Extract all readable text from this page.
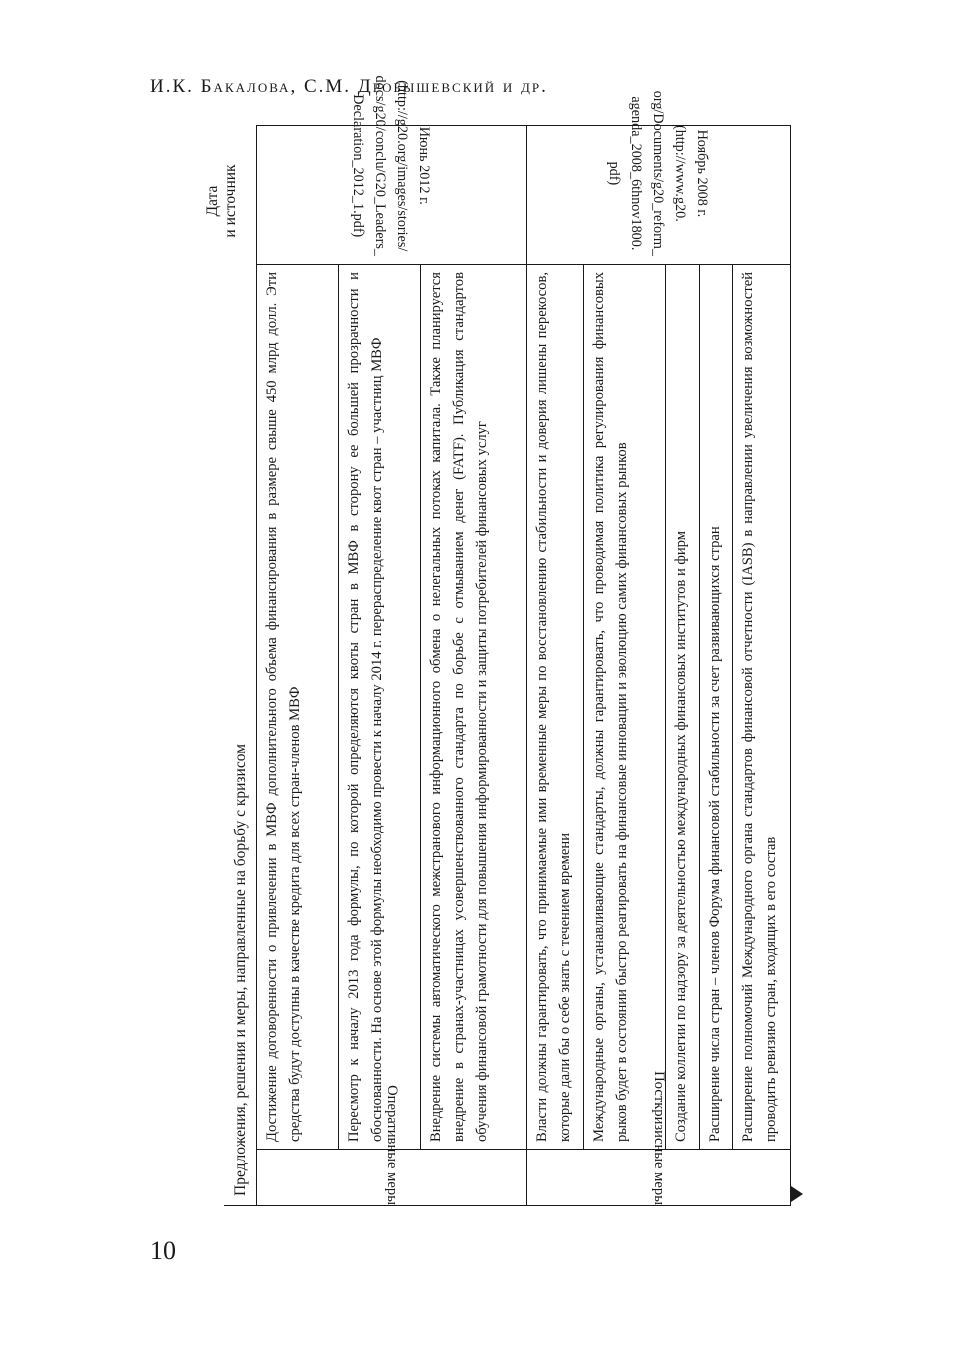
И.К. Бакалова, С.М. Дробышевский и др.
Предложения, решения и меры, направленные на борьбу с кризисом
Дата и источник
Оперативные меры	Достижение договоренности о привлечении в МВФ дополнительного объема финансирования в размере свыше 450 млрд долл. Эти средства будут доступны в качестве кредита для всех стран-членов МВФ	Июнь 2012 г.
(http://g20.org/images/stories/
docs/g20/conclu/G20_Leaders_
Declaration_2012_1.pdf)

	Пересмотр к началу 2013 года формулы, по которой определяются квоты стран в МВФ в сторону ее большей прозрачности и обоснованности. На основе этой формулы необходимо провести к началу 2014 г. перераспределение квот стран – участниц МВФ	
	Внедрение системы автоматического межстранового информационного обмена о нелегальных потоках капитала. Также планируется внедрение в странах-участницах усовершенствованного стандарта по борьбе с отмыванием денег (FATF). Публикация стандартов обучения финансовой грамотности для повышения информированности и защиты потребителей финансовых услуг	
Посткризисные меры	Власти должны гарантировать, что принимаемые ими временные меры по восстановлению стабильности и доверия лишены перекосов, которые дали бы о себе знать с течением времени	Ноябрь 2008 г.
(http://www.g20.
org/Documents/g20_reform_
agenda_2008_6thnov1800.
pdf)

	Международные органы, устанавливающие стандарты, должны гарантировать, что проводимая политика регулирования финансовых рыков будет в состоянии быстро реагировать на финансовые инновации и эволюцию самих финансовых рынков	
	Создание коллегии по надзору за деятельностью международных финансовых институтов и фирм	
	Расширение числа стран – членов Форума финансовой стабильности за счет развивающихся стран	
	Расширение полномочий Международного органа стандартов финансовой отчетности (IASB) в направлении увеличения возможностей проводить ревизию стран, входящих в его состав	
10
